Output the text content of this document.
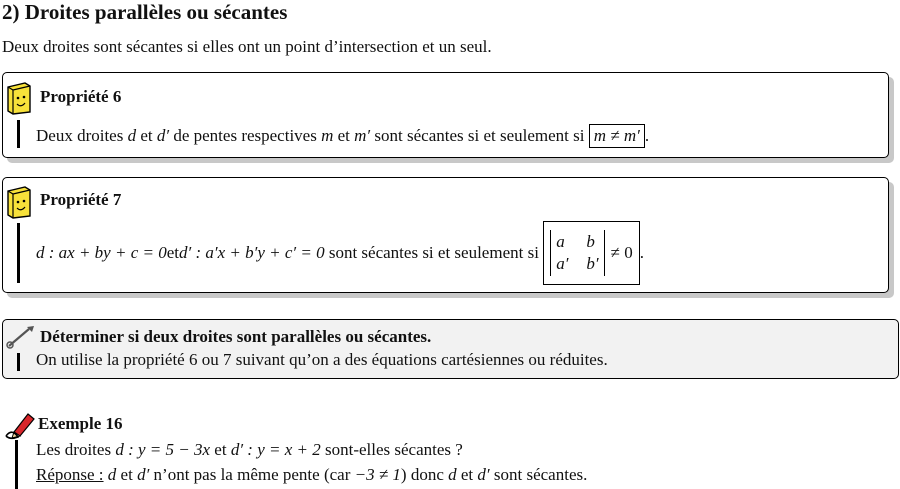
2) Droites parallèles ou sécantes
Deux droites sont sécantes si elles ont un point d’intersection et un seul.
Propriété 6
Deux droites d et d′ de pentes respectives m et m′ sont sécantes si et seulement si m ≠ m′ .
Propriété 7
d : ax + by + c = 0 et d′ : a′x + b′y + c′ = 0 sont sécantes si et seulement si
a b
a′ b′
≠ 0 .
Déterminer si deux droites sont parallèles ou sécantes.
On utilise la propriété 6 ou 7 suivant qu’on a des équations cartésiennes ou réduites.
Exemple 16
Les droites d : y = 5 − 3x et d′ : y = x + 2 sont-elles sécantes ?
Réponse : d et d′ n’ont pas la même pente (car −3 ≠ 1) donc d et d′ sont sécantes.
